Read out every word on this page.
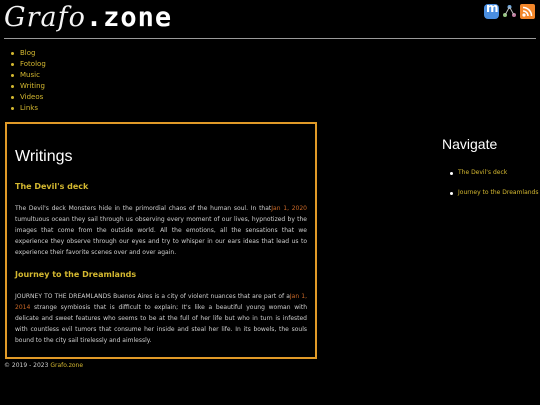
Grafo.zone
m
Blog
Fotolog
Music
Writing
Videos
Links
Writings
The Devil's deck

The Devil's deck Monsters hide in the primordial chaos of the human soul. In thatJan 1, 2020 tumultuous ocean they sail through us observing every moment of our lives, hypnotized by the images that come from the outside world. All the emotions, all the sensations that we experience they observe through our eyes and try to whisper in our ears ideas that lead us to experience their favorite scenes over and over again.

Journey to the Dreamlands

JOURNEY TO THE DREAMLANDS Buenos Aires is a city of violent nuances that are part of aJan 1, 2014 strange symbiosis that is difficult to explain; It's like a beautiful young woman with delicate and sweet features who seems to be at the full of her life but who in turn is infested with countless evil tumors that consume her inside and steal her life. In its bowels, the souls bound to the city sail tirelessly and aimlessly.

Navigate
The Devil's deck
Journey to the Dreamlands
© 2019 - 2023 Grafo.zone
